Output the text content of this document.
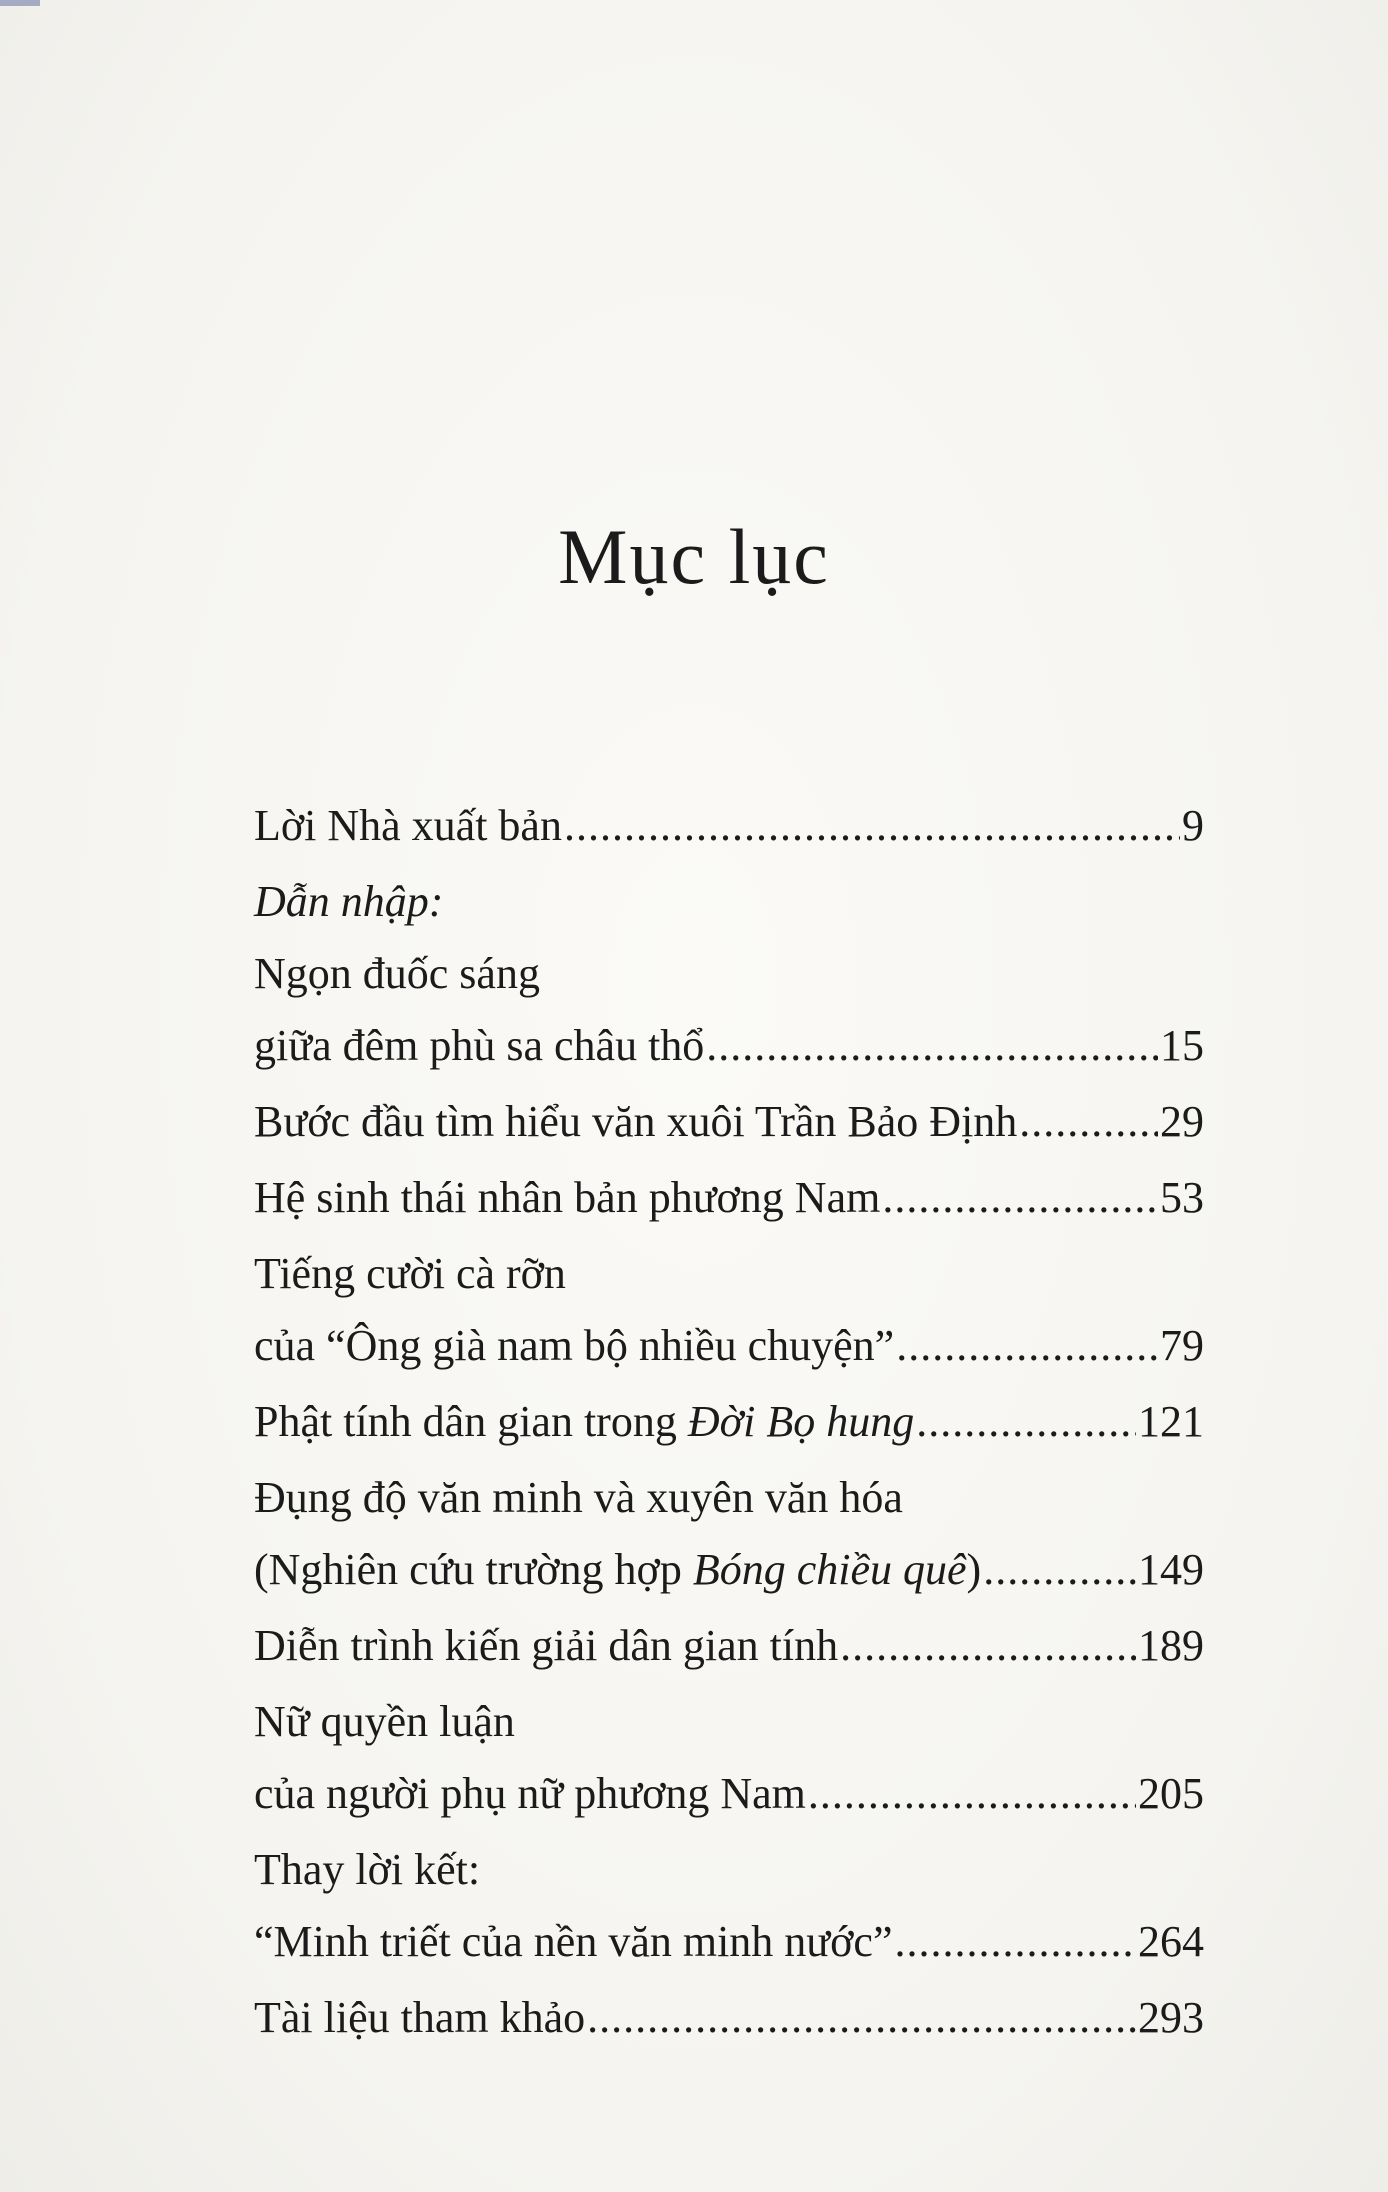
Mục lục
Lời Nhà xuất bản .....	9
Dẫn nhập:
Ngọn đuốc sáng
giữa đêm phù sa châu thổ .....	15
Bước đầu tìm hiểu văn xuôi Trần Bảo Định .....	29
Hệ sinh thái nhân bản phương Nam .....	53
Tiếng cười cà rỡn
của “Ông già nam bộ nhiều chuyện” .....	79
Phật tính dân gian trong Đời Bọ hung .....	121
Đụng độ văn minh và xuyên văn hóa
(Nghiên cứu trường hợp Bóng chiều quê) .....	149
Diễn trình kiến giải dân gian tính .....	189
Nữ quyền luận
của người phụ nữ phương Nam .....	205
Thay lời kết:
“Minh triết của nền văn minh nước” .....	264
Tài liệu tham khảo .....	293
